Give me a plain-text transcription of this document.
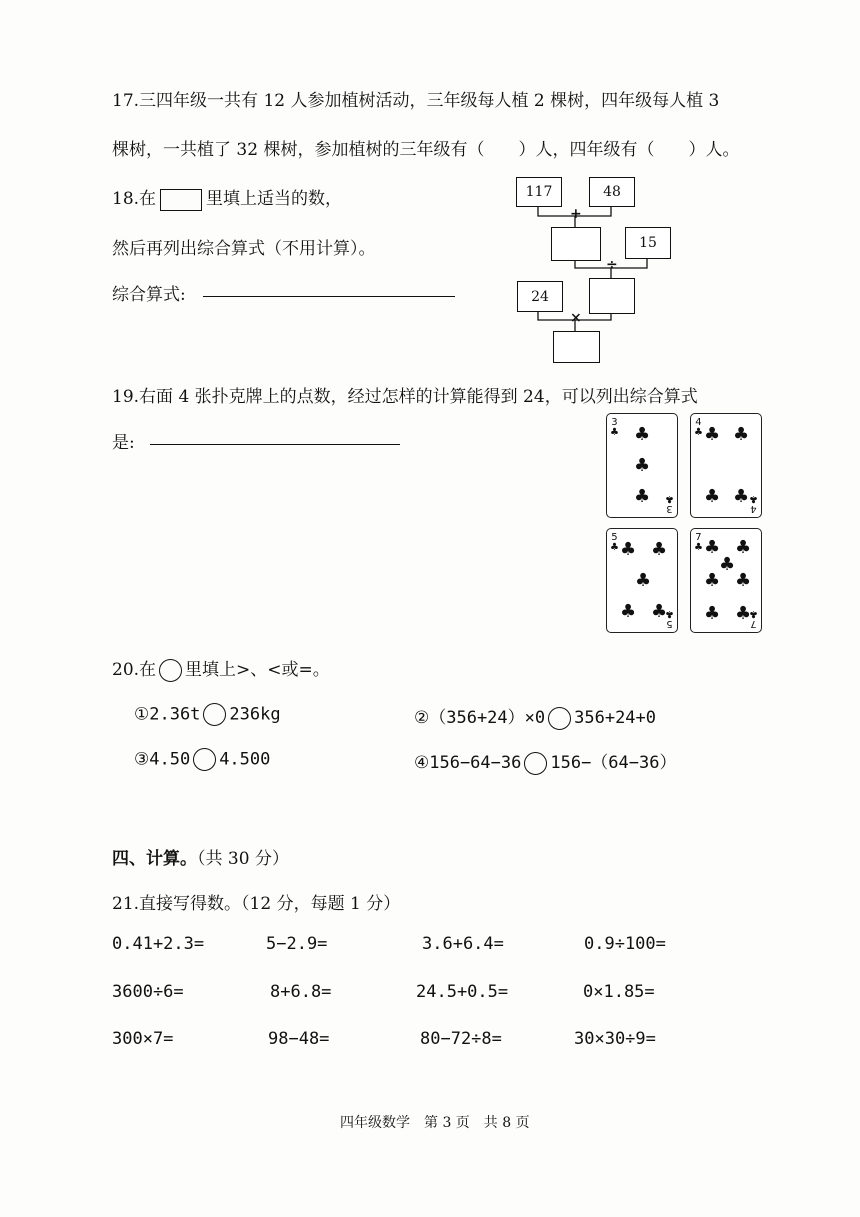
17.三四年级一共有 12 人参加植树活动，三年级每人植 2 棵树，四年级每人植 3
棵树，一共植了 32 棵树，参加植树的三年级有（　　）人，四年级有（　　）人。
18.在	里填上适当的数，
然后再列出综合算式（不用计算）。
综合算式:
117	48
+
15
÷
24
×
19.右面 4 张扑克牌上的点数，经过怎样的计算能得到 24，可以列出综合算式
是:
3
♣
3
♣
♣
♣
♣
4
♣
4
♣
♣ ♣
♣ ♣
5
♣
5
♣
♣ ♣
♣
♣ ♣
7
♣
7
♣
♣ ♣
♣
♣ ♣
♣ ♣
20.在 里填上>、<或=。
①2.36t 236kg	②（356+24）×0 356+24+0
③4.50 4.500	④156−64−36 156−（64−36）
四、计算。（共 30 分）
21.直接写得数。（12 分，每题 1 分）
0.41+2.3=	5−2.9=	3.6+6.4=	0.9÷100=
3600÷6=	8+6.8=	24.5+0.5=	0×1.85=
300×7=	98−48=	80−72÷8=	30×30÷9=
四年级数学　第 3 页　共 8 页
